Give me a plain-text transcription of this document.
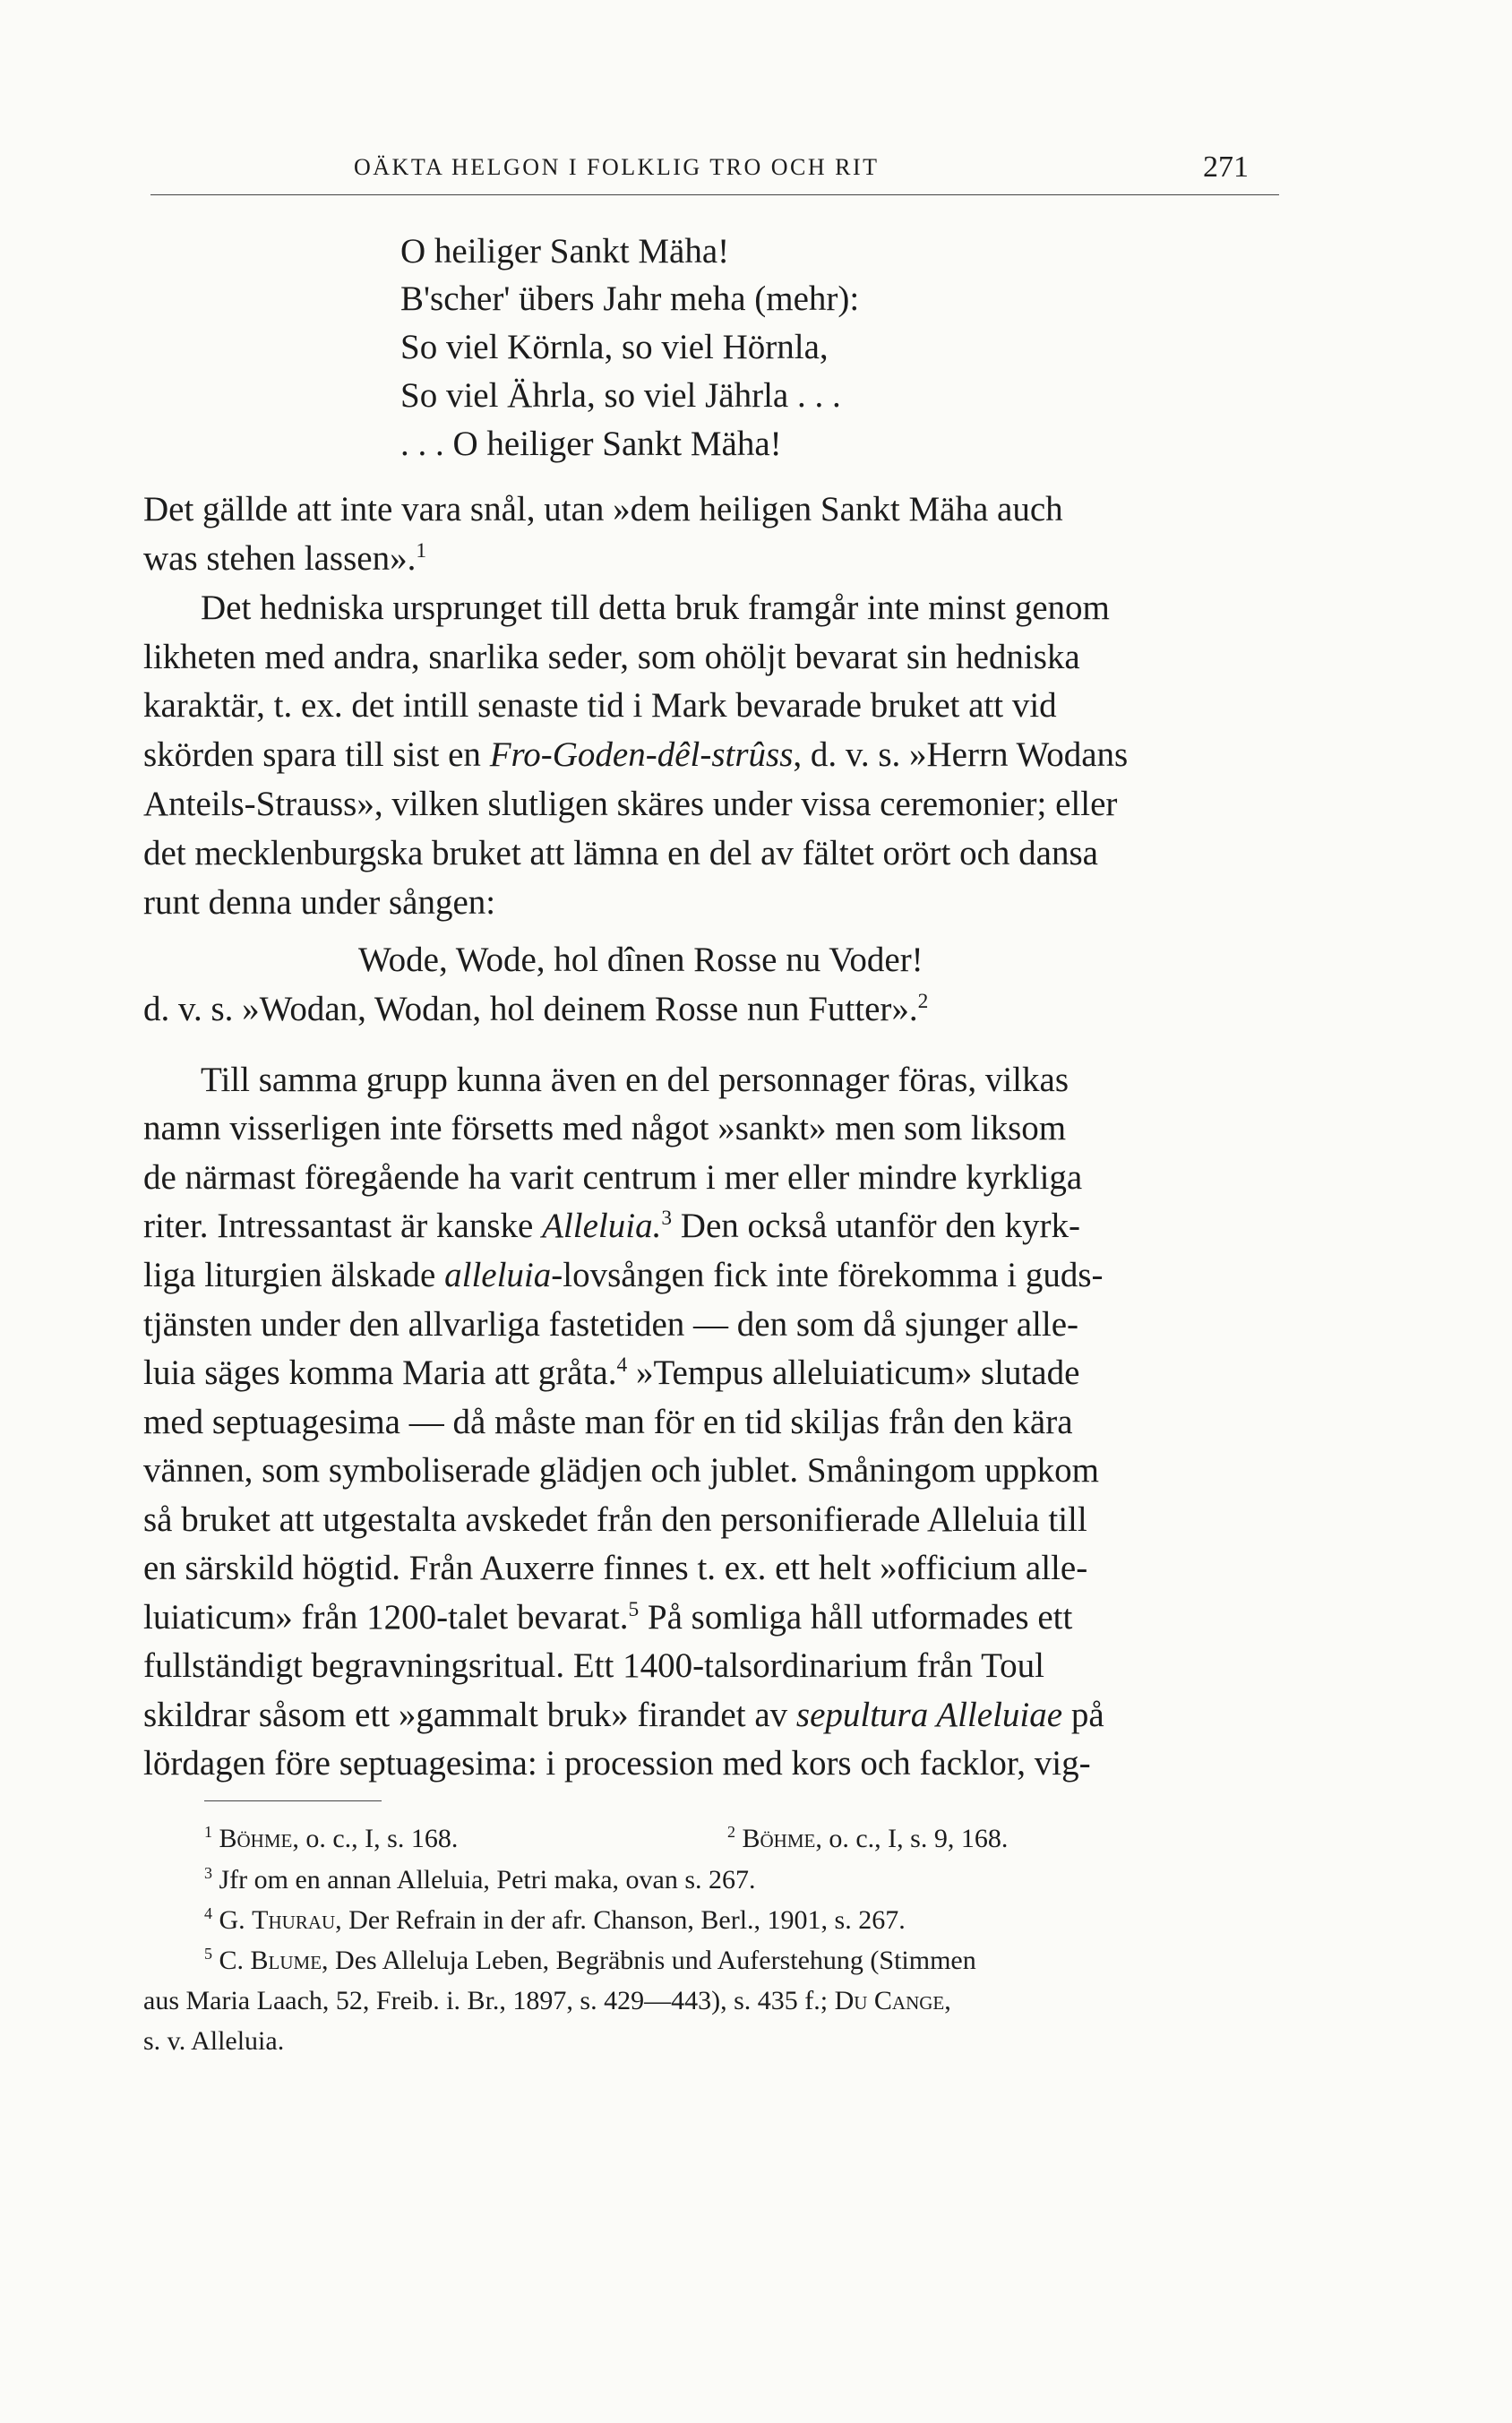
OÄKTA HELGON I FOLKLIG TRO OCH RIT	271
O heiliger Sankt Mäha!
B'scher' übers Jahr meha (mehr):
So viel Körnla, so viel Hörnla,
So viel Ährla, so viel Jährla . . .
. . . O heiliger Sankt Mäha!
Det gällde att inte vara snål, utan »dem heiligen Sankt Mäha auch
was stehen lassen».$^1$
Det hedniska ursprunget till detta bruk framgår inte minst genom
likheten med andra, snarlika seder, som ohöljt bevarat sin hedniska
karaktär, t. ex. det intill senaste tid i Mark bevarade bruket att vid
skörden spara till sist en Fro-Goden-dêl-strûss, d. v. s. »Herrn Wodans
Anteils-Strauss», vilken slutligen skäres under vissa ceremonier; eller
det mecklenburgska bruket att lämna en del av fältet orört och dansa
runt denna under sången:
Wode, Wode, hol dînen Rosse nu Voder!
d. v. s. »Wodan, Wodan, hol deinem Rosse nun Futter».$^2$
Till samma grupp kunna även en del personnager föras, vilkas
namn visserligen inte försetts med något »sankt» men som liksom
de närmast föregående ha varit centrum i mer eller mindre kyrkliga
riter. Intressantast är kanske Alleluia.$^3$ Den också utanför den kyrk-
liga liturgien älskade alleluia-lovsången fick inte förekomma i guds-
tjänsten under den allvarliga fastetiden — den som då sjunger alle-
luia säges komma Maria att gråta.$^4$ »Tempus alleluiaticum» slutade
med septuagesima — då måste man för en tid skiljas från den kära
vännen, som symboliserade glädjen och jublet. Småningom uppkom
så bruket att utgestalta avskedet från den personifierade Alleluia till
en särskild högtid. Från Auxerre finnes t. ex. ett helt »officium alle-
luiaticum» från 1200-talet bevarat.$^5$ På somliga håll utformades ett
fullständigt begravningsritual. Ett 1400-talsordinarium från Toul
skildrar såsom ett »gammalt bruk» firandet av sepultura Alleluiae på
lördagen före septuagesima: i procession med kors och facklor, vig-
$^1$ Böhme, o. c., I, s. 168.	$^2$ Böhme, o. c., I, s. 9, 168.
$^3$ Jfr om en annan Alleluia, Petri maka, ovan s. 267.
$^4$ G. Thurau, Der Refrain in der afr. Chanson, Berl., 1901, s. 267.
$^5$ C. Blume, Des Alleluja Leben, Begräbnis und Auferstehung (Stimmen
aus Maria Laach, 52, Freib. i. Br., 1897, s. 429—443), s. 435 f.; Du Cange,
s. v. Alleluia.
